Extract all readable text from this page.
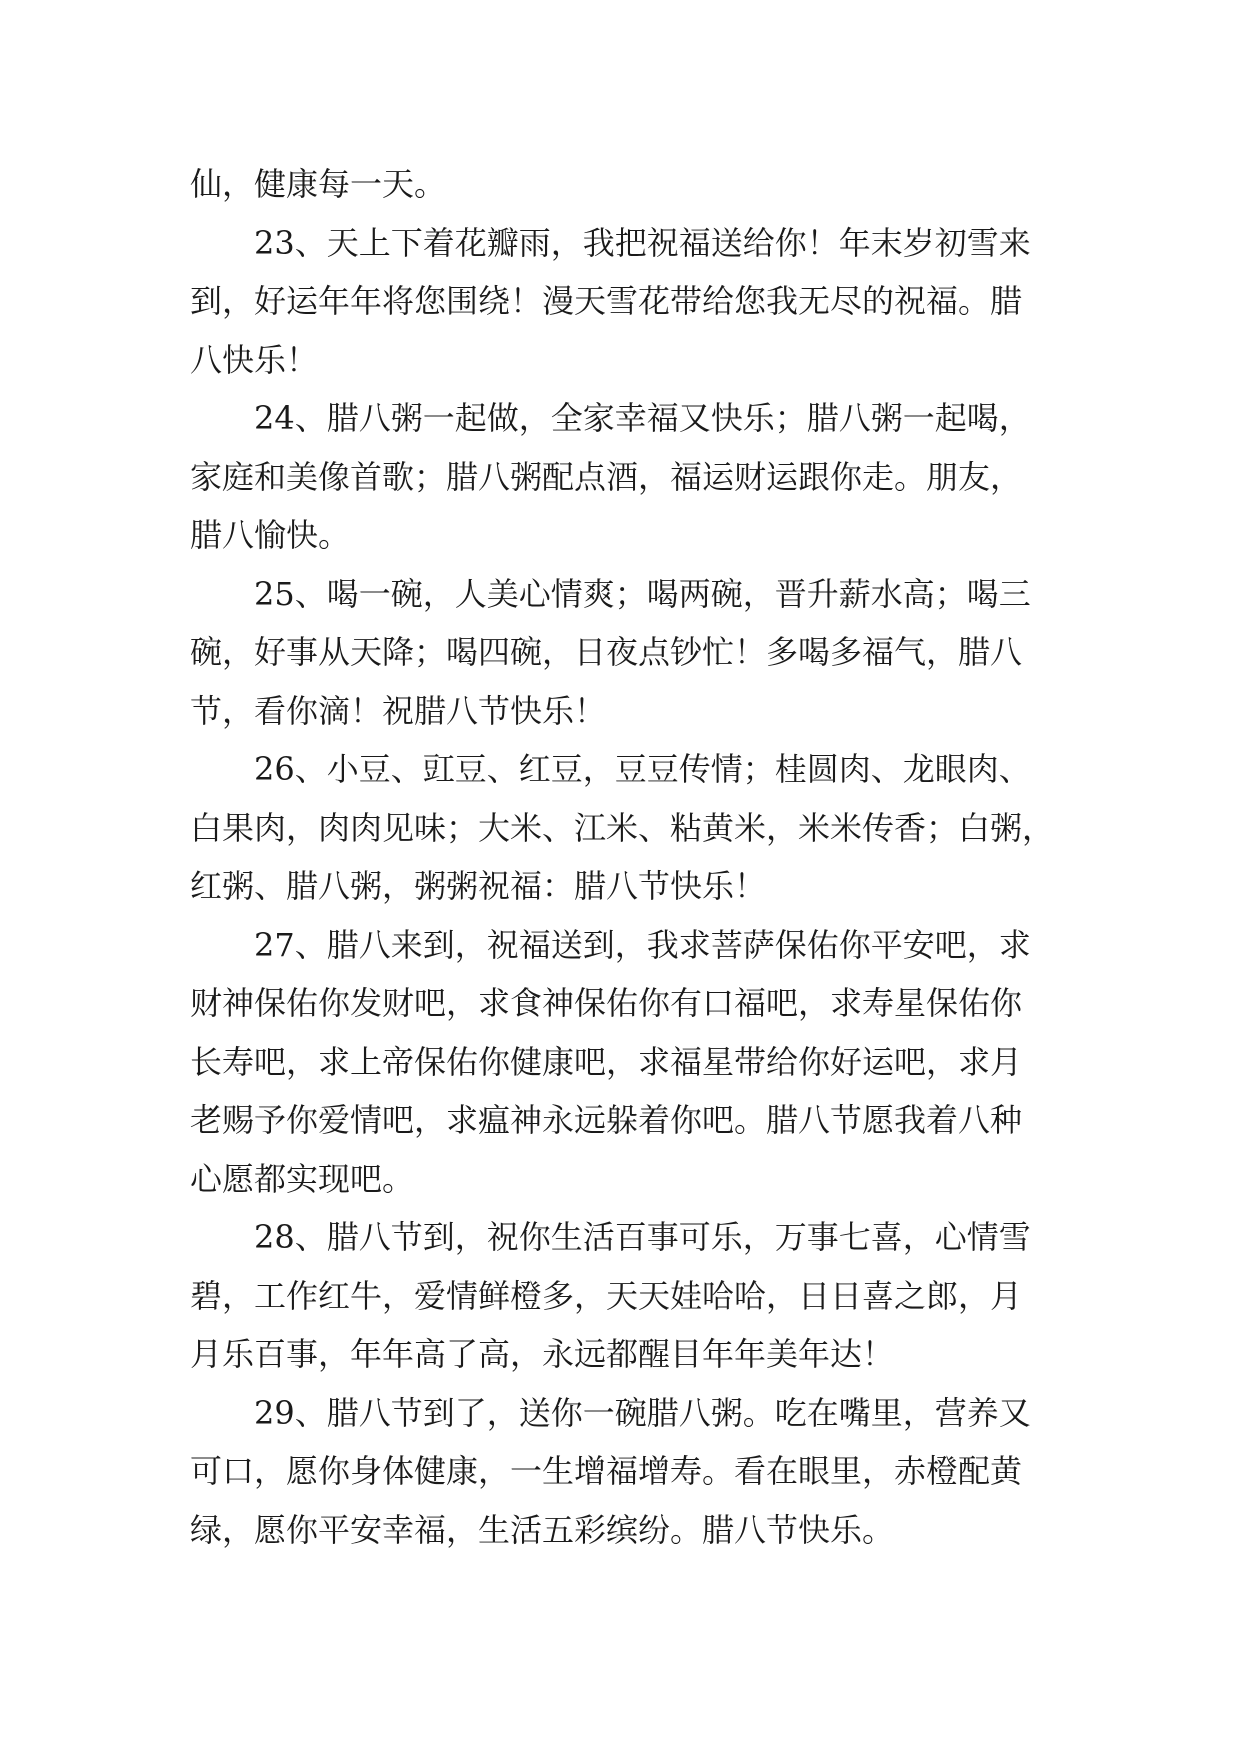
仙，健康每一天。

23、天上下着花瓣雨，我把祝福送给你！年末岁初雪来
到，好运年年将您围绕！漫天雪花带给您我无尽的祝福。腊
八快乐！

24、腊八粥一起做，全家幸福又快乐；腊八粥一起喝，
家庭和美像首歌；腊八粥配点酒，福运财运跟你走。朋友，
腊八愉快。

25、喝一碗，人美心情爽；喝两碗，晋升薪水高；喝三
碗，好事从天降；喝四碗，日夜点钞忙！多喝多福气，腊八
节，看你滴！祝腊八节快乐！

26、小豆、豇豆、红豆，豆豆传情；桂圆肉、龙眼肉、
白果肉，肉肉见味；大米、江米、粘黄米，米米传香；白粥，
红粥、腊八粥，粥粥祝福：腊八节快乐！

27、腊八来到，祝福送到，我求菩萨保佑你平安吧，求
财神保佑你发财吧，求食神保佑你有口福吧，求寿星保佑你
长寿吧，求上帝保佑你健康吧，求福星带给你好运吧，求月
老赐予你爱情吧，求瘟神永远躲着你吧。腊八节愿我着八种
心愿都实现吧。

28、腊八节到，祝你生活百事可乐，万事七喜，心情雪
碧，工作红牛，爱情鲜橙多，天天娃哈哈，日日喜之郎，月
月乐百事，年年高了高，永远都醒目年年美年达！

29、腊八节到了，送你一碗腊八粥。吃在嘴里，营养又
可口，愿你身体健康，一生增福增寿。看在眼里，赤橙配黄
绿，愿你平安幸福，生活五彩缤纷。腊八节快乐。
